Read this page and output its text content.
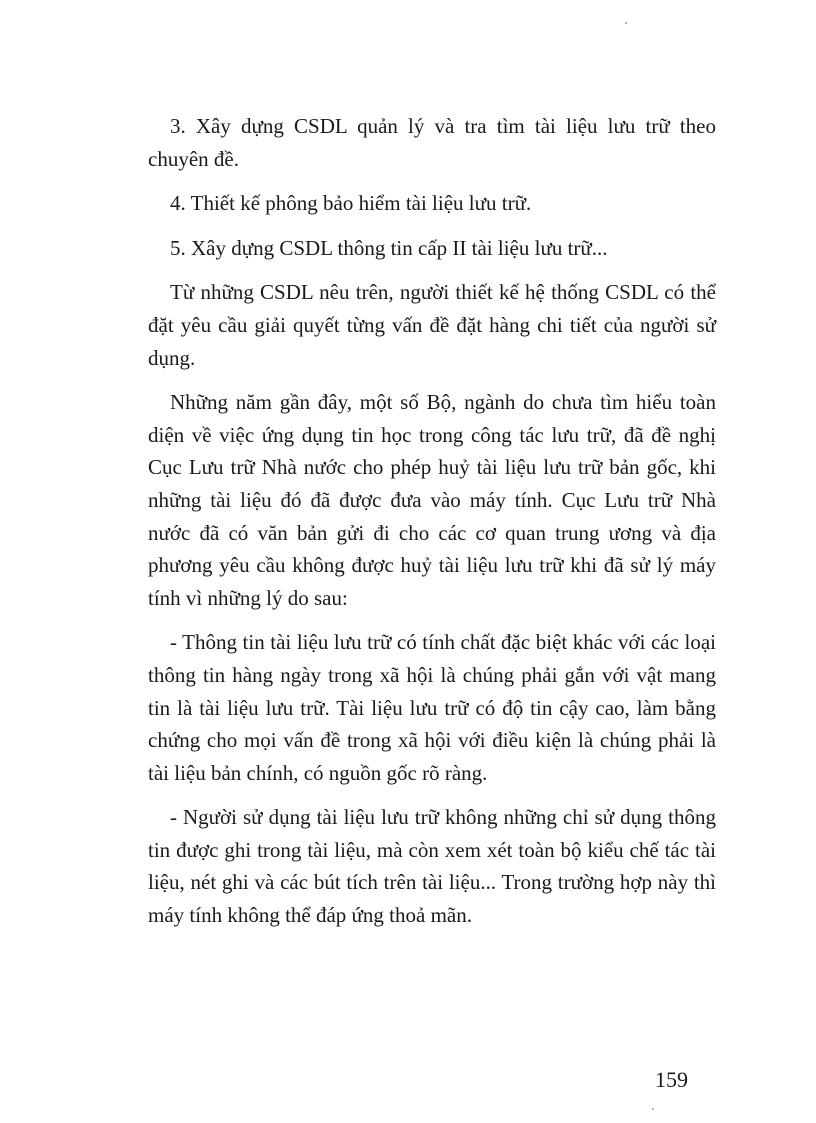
3. Xây dựng CSDL quản lý và tra tìm tài liệu lưu trữ theo chuyên đề.

4. Thiết kế phông bảo hiểm tài liệu lưu trữ.

5. Xây dựng CSDL thông tin cấp II tài liệu lưu trữ...

Từ những CSDL nêu trên, người thiết kế hệ thống CSDL có thể đặt yêu cầu giải quyết từng vấn đề đặt hàng chi tiết của người sử dụng.

Những năm gần đây, một số Bộ, ngành do chưa tìm hiểu toàn diện về việc ứng dụng tin học trong công tác lưu trữ, đã đề nghị Cục Lưu trữ Nhà nước cho phép huỷ tài liệu lưu trữ bản gốc, khi những tài liệu đó đã được đưa vào máy tính. Cục Lưu trữ Nhà nước đã có văn bản gửi đi cho các cơ quan trung ương và địa phương yêu cầu không được huỷ tài liệu lưu trữ khi đã sử lý máy tính vì những lý do sau:

- Thông tin tài liệu lưu trữ có tính chất đặc biệt khác với các loại thông tin hàng ngày trong xã hội là chúng phải gắn với vật mang tin là tài liệu lưu trữ. Tài liệu lưu trữ có độ tin cậy cao, làm bằng chứng cho mọi vấn đề trong xã hội với điều kiện là chúng phải là tài liệu bản chính, có nguồn gốc rõ ràng.

- Người sử dụng tài liệu lưu trữ không những chỉ sử dụng thông tin được ghi trong tài liệu, mà còn xem xét toàn bộ kiểu chế tác tài liệu, nét ghi và các bút tích trên tài liệu... Trong trường hợp này thì máy tính không thể đáp ứng thoả mãn.

159
